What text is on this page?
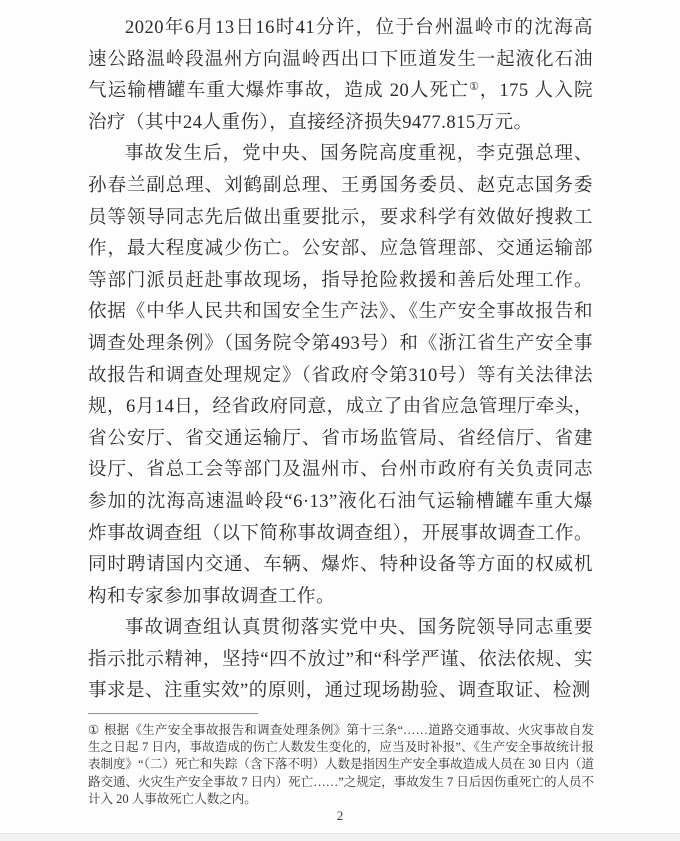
2020年6月13日16时41分许，位于台州温岭市的沈海高速公路温岭段温州方向温岭西出口下匝道发生一起液化石油气运输槽罐车重大爆炸事故，造成 20人死亡①，175 人入院治疗（其中24人重伤），直接经济损失9477.815万元。

事故发生后，党中央、国务院高度重视，李克强总理、孙春兰副总理、刘鹤副总理、王勇国务委员、赵克志国务委员等领导同志先后做出重要批示，要求科学有效做好搜救工作，最大程度减少伤亡。公安部、应急管理部、交通运输部等部门派员赶赴事故现场，指导抢险救援和善后处理工作。依据《中华人民共和国安全生产法》、《生产安全事故报告和调查处理条例》（国务院令第493号）和《浙江省生产安全事故报告和调查处理规定》（省政府令第310号）等有关法律法规，6月14日，经省政府同意，成立了由省应急管理厅牵头，省公安厅、省交通运输厅、省市场监管局、省经信厅、省建设厅、省总工会等部门及温州市、台州市政府有关负责同志参加的沈海高速温岭段“6·13”液化石油气运输槽罐车重大爆炸事故调查组（以下简称事故调查组），开展事故调查工作。同时聘请国内交通、车辆、爆炸、特种设备等方面的权威机构和专家参加事故调查工作。

事故调查组认真贯彻落实党中央、国务院领导同志重要指示批示精神，坚持“四不放过”和“科学严谨、依法依规、实事求是、注重实效”的原则，通过现场勘验、调查取证、检测

① 根据《生产安全事故报告和调查处理条例》第十三条“……道路交通事故、火灾事故自发生之日起 7 日内，事故造成的伤亡人数发生变化的，应当及时补报”、《生产安全事故统计报表制度》“（二）死亡和失踪（含下落不明）人数是指因生产安全事故造成人员在 30 日内（道路交通、火灾生产安全事故 7 日内）死亡……”之规定，事故发生 7 日后因伤重死亡的人员不计入 20 人事故死亡人数之内。

2
